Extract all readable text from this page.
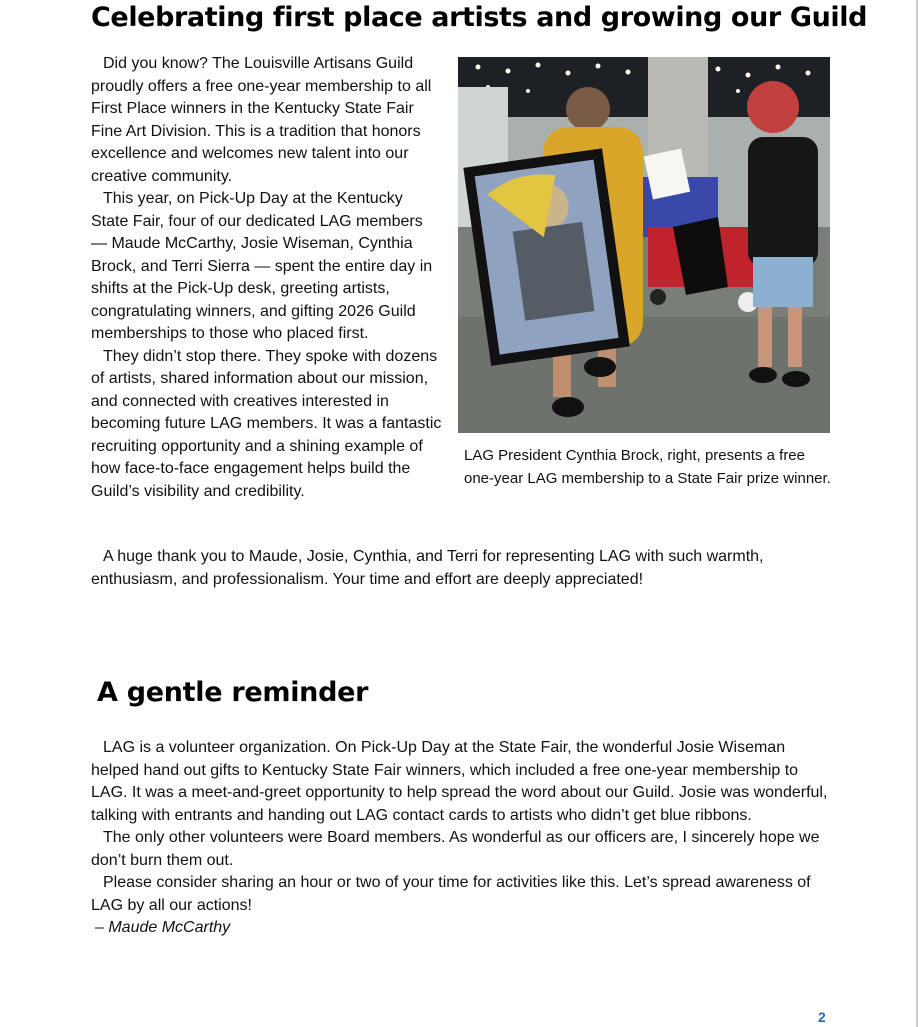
Celebrating first place artists and growing our Guild

Did you know? The Louisville Artisans Guild proudly offers a free one-year membership to all First Place winners in the Kentucky State Fair Fine Art Division. This is a tradition that honors excellence and welcomes new talent into our creative community.

This year, on Pick-Up Day at the Kentucky State Fair, four of our dedicated LAG members — Maude McCarthy, Josie Wiseman, Cynthia Brock, and Terri Sierra — spent the entire day in shifts at the Pick-Up desk, greeting artists, congratulating winners, and gifting 2026 Guild memberships to those who placed first.

They didn’t stop there. They spoke with dozens of artists, shared information about our mission, and connected with creatives interested in becoming future LAG members. It was a fantastic recruiting opportunity and a shining example of how face-to-face engagement helps build the Guild’s visibility and credibility.

LAG President Cynthia Brock, right, presents a free one-year LAG membership to a State Fair prize winner.

A huge thank you to Maude, Josie, Cynthia, and Terri for representing LAG with such warmth, enthusiasm, and professionalism. Your time and effort are deeply appreciated!

A gentle reminder

LAG is a volunteer organization. On Pick-Up Day at the State Fair, the wonderful Josie Wiseman helped hand out gifts to Kentucky State Fair winners, which included a free one-year membership to LAG. It was a meet-and-greet opportunity to help spread the word about our Guild. Josie was wonderful, talking with entrants and handing out LAG contact cards to artists who didn’t get blue ribbons.

The only other volunteers were Board members. As wonderful as our officers are, I sincerely hope we don’t burn them out.

Please consider sharing an hour or two of your time for activities like this. Let’s spread awareness of LAG by all our actions!

– Maude McCarthy

2
